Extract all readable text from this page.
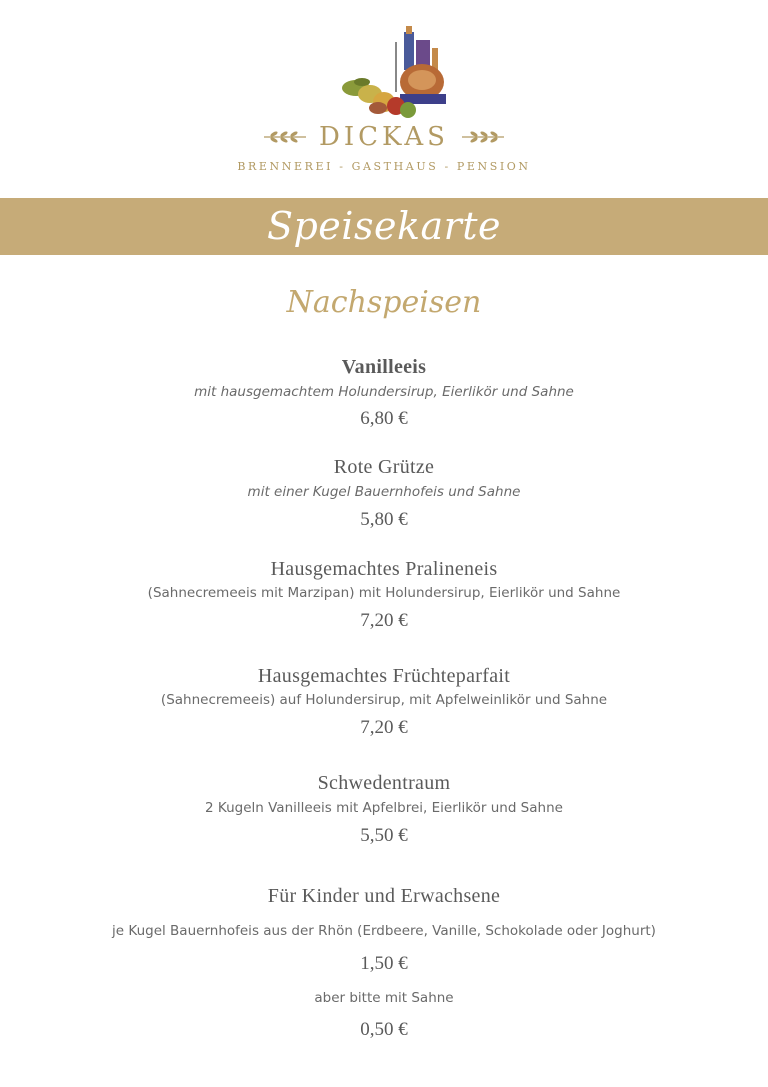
DICKAS
BRENNEREI - GASTHAUS - PENSION
Speisekarte
Nachspeisen
Vanilleeis
mit hausgemachtem Holundersirup, Eierlikör und Sahne
6,80 €
Rote Grütze
mit einer Kugel Bauernhofeis und Sahne
5,80 €
Hausgemachtes Pralineneis
(Sahnecremeeis mit Marzipan) mit Holundersirup, Eierlikör und Sahne
7,20 €
Hausgemachtes Früchteparfait
(Sahnecremeeis) auf Holundersirup, mit Apfelweinlikör und Sahne
7,20 €
Schwedentraum
2 Kugeln Vanilleeis mit Apfelbrei, Eierlikör und Sahne
5,50 €
Für Kinder und Erwachsene
je Kugel Bauernhofeis aus der Rhön (Erdbeere, Vanille, Schokolade oder Joghurt)
1,50 €
aber bitte mit Sahne
0,50 €
